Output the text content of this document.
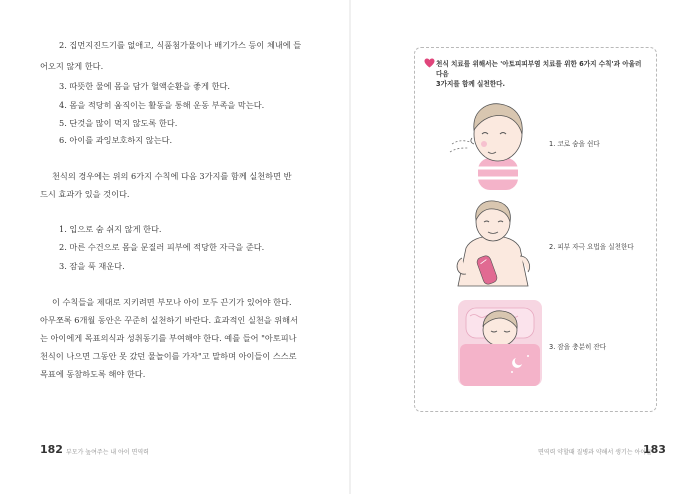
2. 집먼지진드기를 없애고, 식품첨가물이나 배기가스 등이 체내에 들
어오지 않게 한다.
3. 따뜻한 물에 몸을 담가 혈액순환을 좋게 한다.
4. 몸을 적당히 움직이는 활동을 통해 운동 부족을 막는다.
5. 단것을 많이 먹지 않도록 한다.
6. 아이를 과잉보호하지 않는다.
천식의 경우에는 위의 6가지 수칙에 다음 3가지를 함께 실천하면 반
드시 효과가 있을 것이다.
1. 입으로 숨 쉬지 않게 한다.
2. 마른 수건으로 몸을 문질러 피부에 적당한 자극을 준다.
3. 잠을 푹 재운다.
이 수칙들을 제대로 지키려면 부모나 아이 모두 끈기가 있어야 한다.
아무쪼록 6개월 동안은 꾸준히 실천하기 바란다. 효과적인 실천을 위해서
는 아이에게 목표의식과 성취동기를 부여해야 한다. 예를 들어 "아토피나
천식이 나으면 그동안 못 갔던 물놀이를 가자"고 말하며 아이들이 스스로
목표에 동참하도록 해야 한다.
182 부모가 높여주는 내 아이 면역력
천식 치료를 위해서는 '아토피피부염 치료를 위한 6가지 수칙'과 아울러 다음
3가지를 함께 실천한다.
1. 코로 숨을 쉰다
2. 피부 자극 요법을 실천한다
3. 잠을 충분히 잔다
면역력 약할때 질병과 약해서 생기는 아이들
183
